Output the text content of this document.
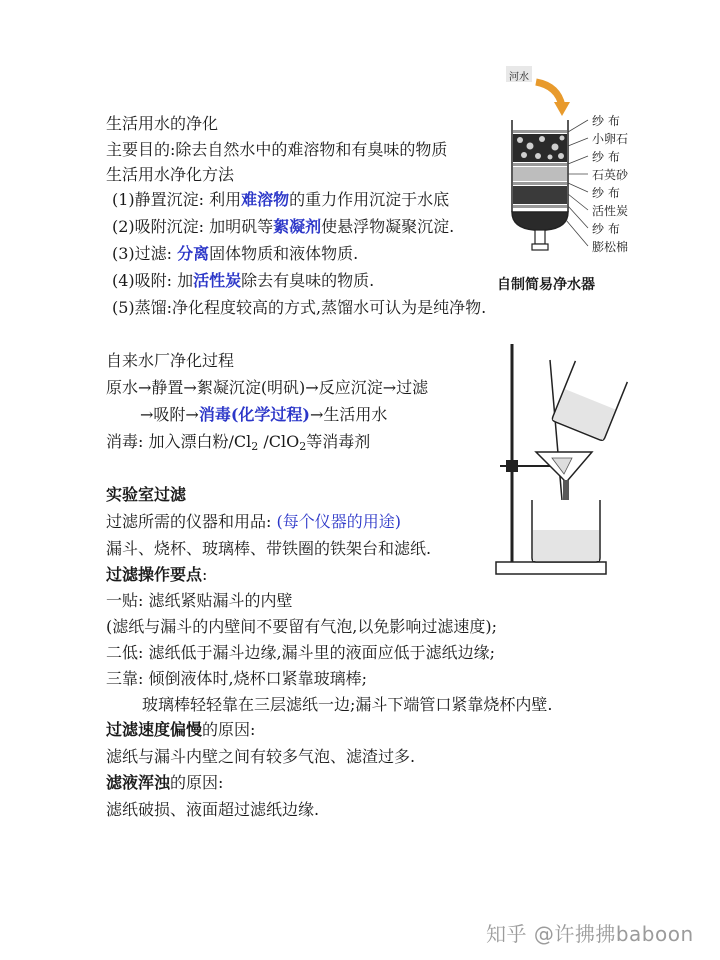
生活用水的净化
主要目的:除去自然水中的难溶物和有臭味的物质
生活用水净化方法
(1)静置沉淀: 利用难溶物的重力作用沉淀于水底
(2)吸附沉淀: 加明矾等絮凝剂使悬浮物凝聚沉淀.
(3)过滤: 分离固体物质和液体物质.
(4)吸附: 加活性炭除去有臭味的物质.
(5)蒸馏:净化程度较高的方式,蒸馏水可认为是纯净物.
河水
纱 布
小卵石
纱 布
石英砂
纱 布
活性炭
纱 布
膨松棉
自制简易净水器
自来水厂净化过程
原水→静置→絮凝沉淀(明矾)→反应沉淀→过滤
→吸附→消毒(化学过程)→生活用水
消毒: 加入漂白粉$/Cl_2$ /ClO$_2$等消毒剂
实验室过滤
过滤所需的仪器和用品: (每个仪器的用途)
漏斗、烧杯、玻璃棒、带铁圈的铁架台和滤纸.
过滤操作要点:
一贴: 滤纸紧贴漏斗的内壁
(滤纸与漏斗的内壁间不要留有气泡,以免影响过滤速度);
二低: 滤纸低于漏斗边缘,漏斗里的液面应低于滤纸边缘;
三靠: 倾倒液体时,烧杯口紧靠玻璃棒;
玻璃棒轻轻靠在三层滤纸一边;漏斗下端管口紧靠烧杯内壁.
过滤速度偏慢的原因:
滤纸与漏斗内壁之间有较多气泡、滤渣过多.
滤液浑浊的原因:
滤纸破损、液面超过滤纸边缘.
知乎 @许拂拂baboon
